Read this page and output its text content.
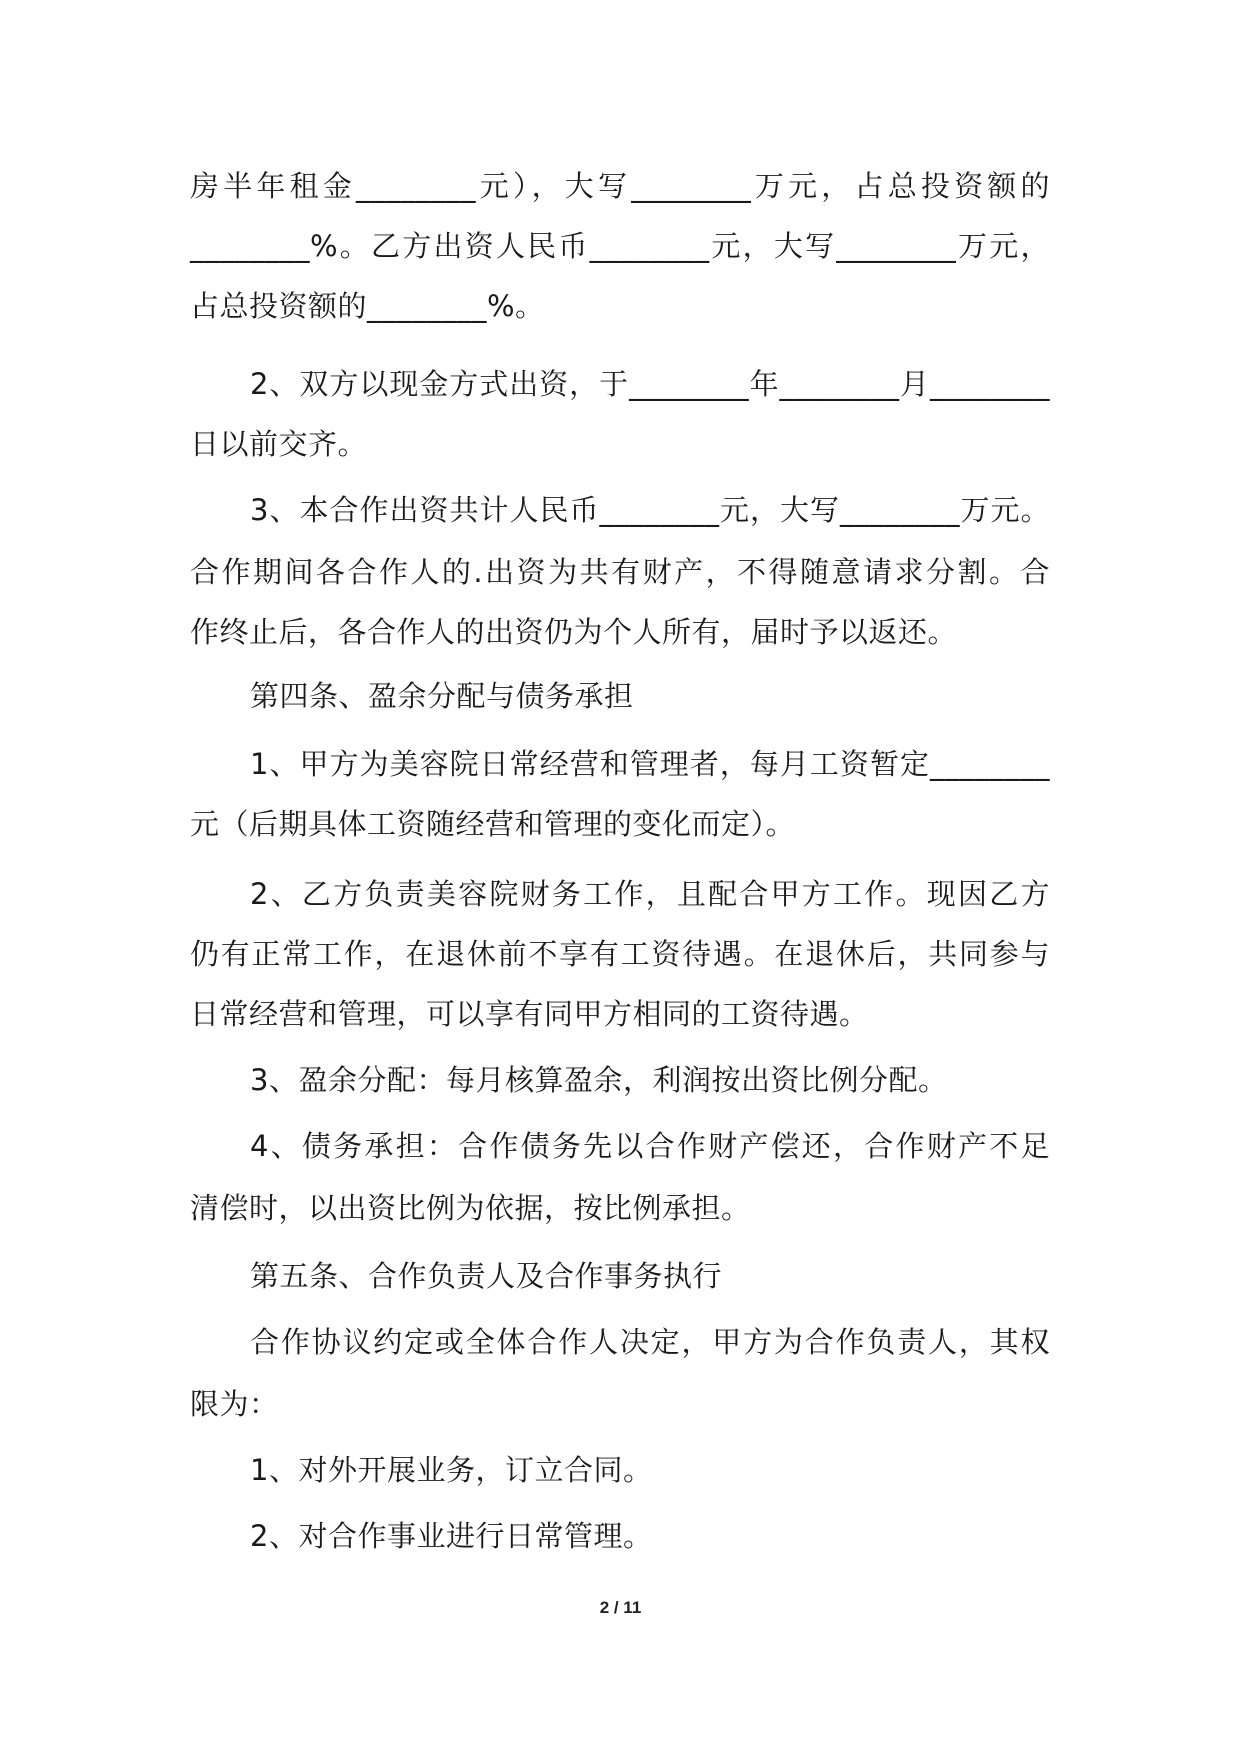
房半年租金________元），大写________万元，占总投资额的
________%。乙方出资人民币________元，大写________万元，
占总投资额的________%。
2、双方以现金方式出资，于________年________月________
日以前交齐。
3、本合作出资共计人民币________元，大写________万元。
合作期间各合作人的.出资为共有财产，不得随意请求分割。合
作终止后，各合作人的出资仍为个人所有，届时予以返还。
第四条、盈余分配与债务承担
1、甲方为美容院日常经营和管理者，每月工资暂定________
元（后期具体工资随经营和管理的变化而定）。
2、乙方负责美容院财务工作，且配合甲方工作。现因乙方
仍有正常工作，在退休前不享有工资待遇。在退休后，共同参与
日常经营和管理，可以享有同甲方相同的工资待遇。
3、盈余分配：每月核算盈余，利润按出资比例分配。
4、债务承担：合作债务先以合作财产偿还，合作财产不足
清偿时，以出资比例为依据，按比例承担。
第五条、合作负责人及合作事务执行
合作协议约定或全体合作人决定，甲方为合作负责人，其权
限为：
1、对外开展业务，订立合同。
2、对合作事业进行日常管理。
2 / 11
